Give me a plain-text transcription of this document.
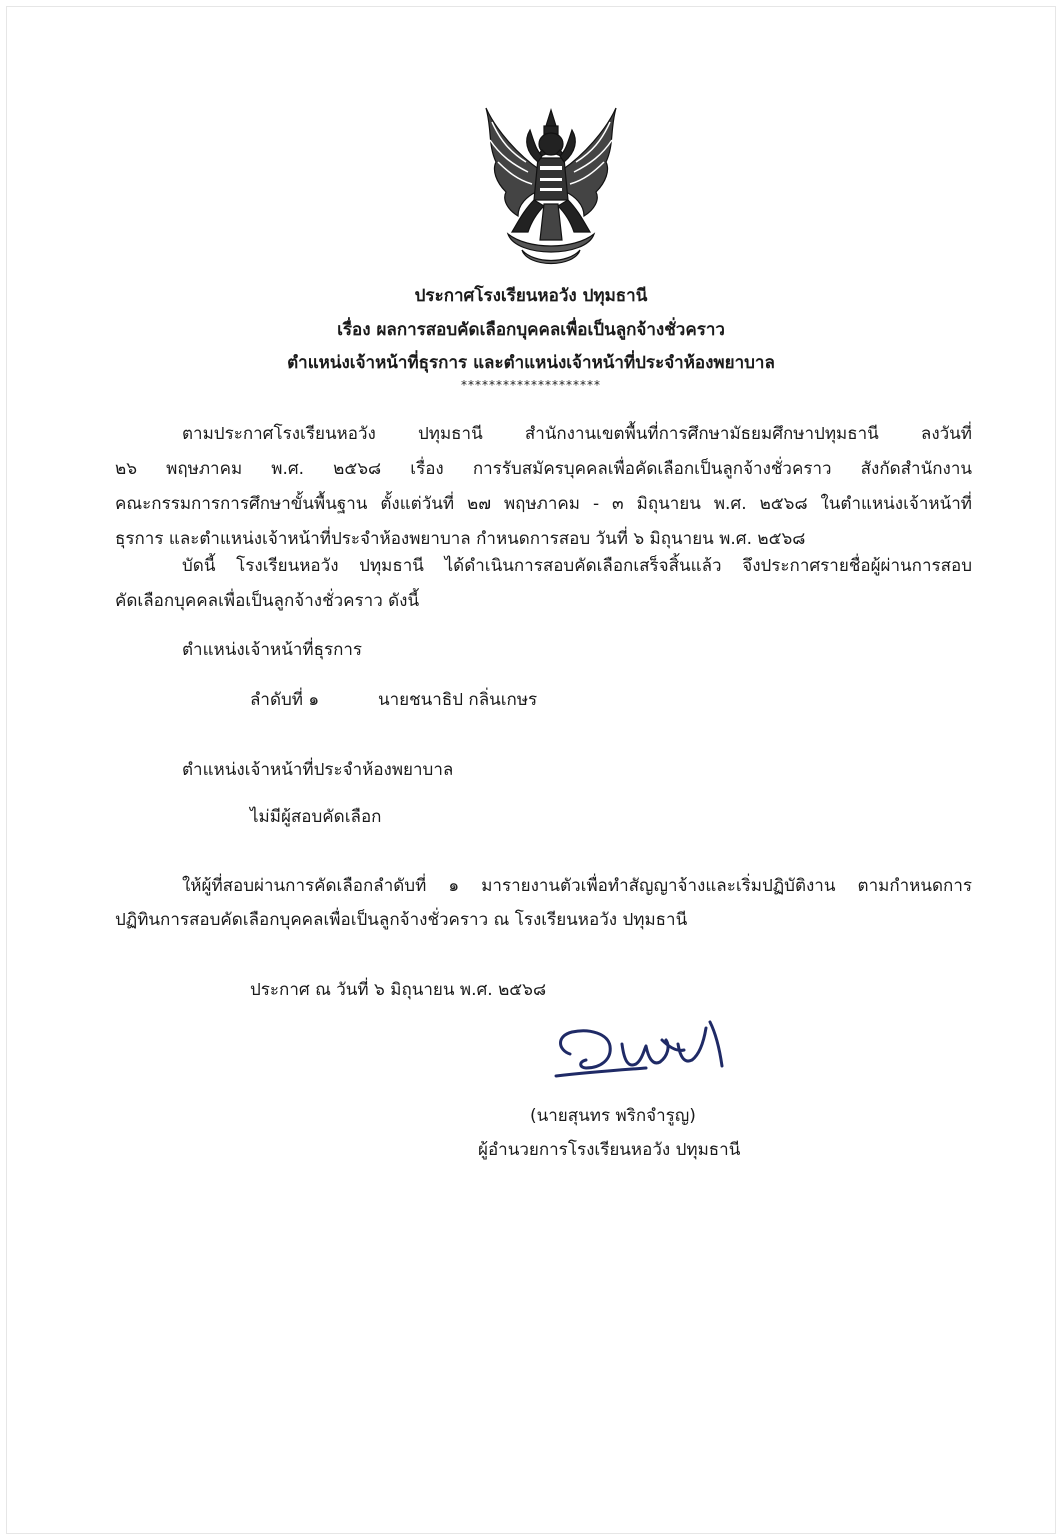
ประกาศโรงเรียนหอวัง ปทุมธานี
เรื่อง ผลการสอบคัดเลือกบุคคลเพื่อเป็นลูกจ้างชั่วคราว
ตำแหน่งเจ้าหน้าที่ธุรการ และตำแหน่งเจ้าหน้าที่ประจำห้องพยาบาล
********************
ตามประกาศโรงเรียนหอวัง ปทุมธานี สำนักงานเขตพื้นที่การศึกษามัธยมศึกษาปทุมธานี ลงวันที่
๒๖ พฤษภาคม พ.ศ. ๒๕๖๘ เรื่อง การรับสมัครบุคคลเพื่อคัดเลือกเป็นลูกจ้างชั่วคราว สังกัดสำนักงาน
คณะกรรมการการศึกษาขั้นพื้นฐาน ตั้งแต่วันที่ ๒๗ พฤษภาคม - ๓ มิถุนายน พ.ศ. ๒๕๖๘ ในตำแหน่งเจ้าหน้าที่
ธุรการ และตำแหน่งเจ้าหน้าที่ประจำห้องพยาบาล กำหนดการสอบ วันที่ ๖ มิถุนายน พ.ศ. ๒๕๖๘
บัดนี้ โรงเรียนหอวัง ปทุมธานี ได้ดำเนินการสอบคัดเลือกเสร็จสิ้นแล้ว จึงประกาศรายชื่อผู้ผ่านการสอบ
คัดเลือกบุคคลเพื่อเป็นลูกจ้างชั่วคราว ดังนี้
ตำแหน่งเจ้าหน้าที่ธุรการ
ลำดับที่ ๑	นายชนาธิป กลิ่นเกษร
ตำแหน่งเจ้าหน้าที่ประจำห้องพยาบาล
ไม่มีผู้สอบคัดเลือก
ให้ผู้ที่สอบผ่านการคัดเลือกลำดับที่ ๑ มารายงานตัวเพื่อทำสัญญาจ้างและเริ่มปฏิบัติงาน ตามกำหนดการ
ปฏิทินการสอบคัดเลือกบุคคลเพื่อเป็นลูกจ้างชั่วคราว ณ โรงเรียนหอวัง ปทุมธานี
ประกาศ ณ วันที่ ๖ มิถุนายน พ.ศ. ๒๕๖๘
(นายสุนทร พริกจำรูญ)
ผู้อำนวยการโรงเรียนหอวัง ปทุมธานี
